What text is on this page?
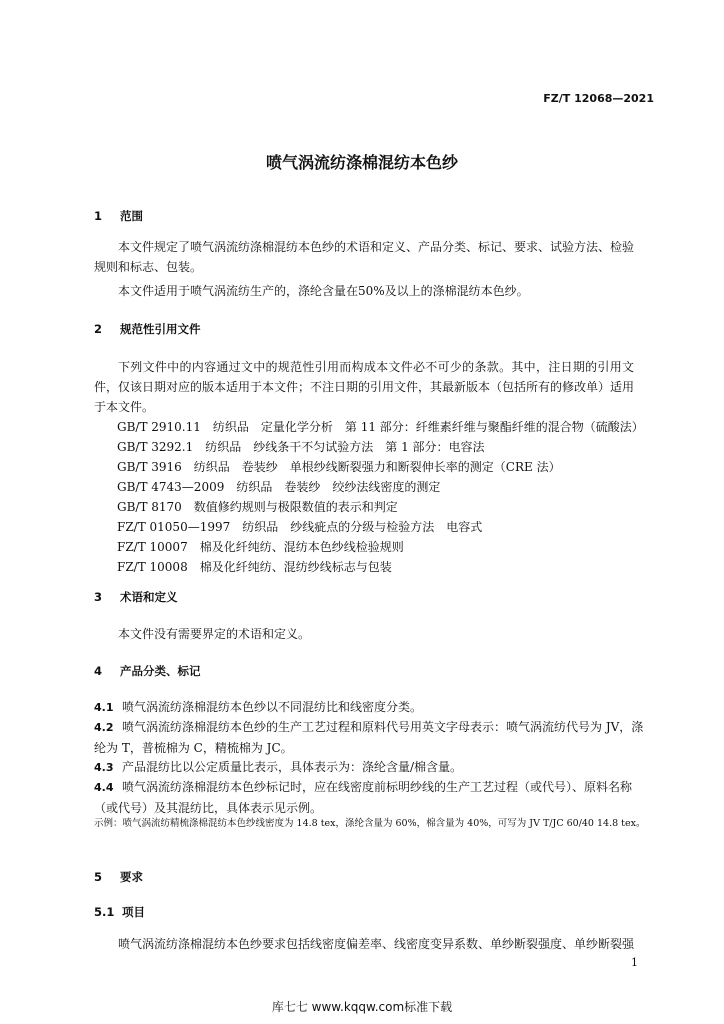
FZ/T 12068—2021
喷气涡流纺涤棉混纺本色纱
1 范围
本文件规定了喷气涡流纺涤棉混纺本色纱的术语和定义、产品分类、标记、要求、试验方法、检验规则和标志、包装。
本文件适用于喷气涡流纺生产的，涤纶含量在50%及以上的涤棉混纺本色纱。
2 规范性引用文件
下列文件中的内容通过文中的规范性引用而构成本文件必不可少的条款。其中，注日期的引用文件，仅该日期对应的版本适用于本文件；不注日期的引用文件，其最新版本（包括所有的修改单）适用于本文件。
GB/T 2910.11　纺织品　定量化学分析　第 11 部分：纤维素纤维与聚酯纤维的混合物（硫酸法）
GB/T 3292.1　纺织品　纱线条干不匀试验方法　第 1 部分：电容法
GB/T 3916　纺织品　卷装纱　单根纱线断裂强力和断裂伸长率的测定（CRE 法）
GB/T 4743—2009　纺织品　卷装纱　绞纱法线密度的测定
GB/T 8170　数值修约规则与极限数值的表示和判定
FZ/T 01050—1997　纺织品　纱线疵点的分级与检验方法　电容式
FZ/T 10007　棉及化纤纯纺、混纺本色纱线检验规则
FZ/T 10008　棉及化纤纯纺、混纺纱线标志与包装
3 术语和定义
本文件没有需要界定的术语和定义。
4 产品分类、标记
4.1 喷气涡流纺涤棉混纺本色纱以不同混纺比和线密度分类。
4.2 喷气涡流纺涤棉混纺本色纱的生产工艺过程和原料代号用英文字母表示：喷气涡流纺代号为 JV，涤纶为 T，普梳棉为 C，精梳棉为 JC。
4.3 产品混纺比以公定质量比表示，具体表示为：涤纶含量/棉含量。
4.4 喷气涡流纺涤棉混纺本色纱标记时，应在线密度前标明纱线的生产工艺过程（或代号）、原料名称（或代号）及其混纺比，具体表示见示例。
示例：喷气涡流纺精梳涤棉混纺本色纱线密度为 14.8 tex，涤纶含量为 60%，棉含量为 40%，可写为 JV T/JC 60/40 14.8 tex。
5 要求
5.1 项目
喷气涡流纺涤棉混纺本色纱要求包括线密度偏差率、线密度变异系数、单纱断裂强度、单纱断裂强
1
库七七 www.kqqw.com标准下载
